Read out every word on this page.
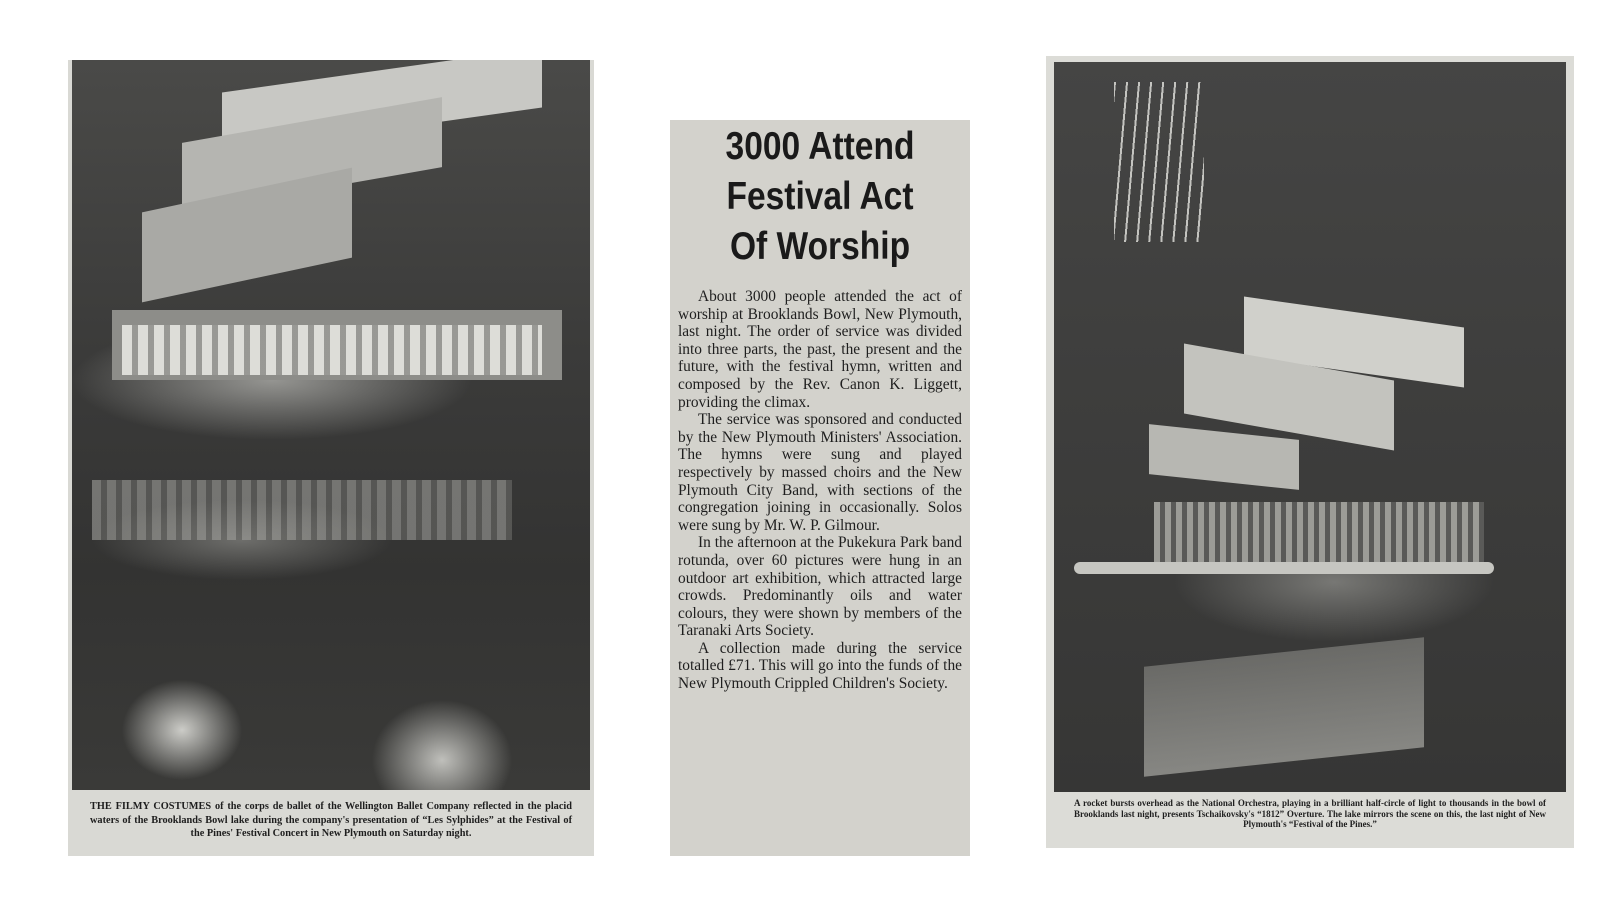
THE FILMY COSTUMES of the corps de ballet of the Wellington Ballet Company reflected in the placid waters of the Brooklands Bowl lake during the company's presentation of “Les Sylphides” at the Festival of the Pines' Festival Concert in New Plymouth on Saturday night.
3000 Attend
Festival Act
Of Worship

About 3000 people attended the act of worship at Brooklands Bowl, New Plymouth, last night. The order of service was divided into three parts, the past, the present and the future, with the festival hymn, written and composed by the Rev. Canon K. Liggett, providing the climax.

The service was sponsored and conducted by the New Plymouth Ministers' Association. The hymns were sung and played respectively by massed choirs and the New Plymouth City Band, with sections of the congregation joining in occasionally. Solos were sung by Mr. W. P. Gilmour.

In the afternoon at the Pukekura Park band rotunda, over 60 pictures were hung in an outdoor art exhibition, which attracted large crowds. Predominantly oils and water colours, they were shown by members of the Taranaki Arts Society.

A collection made during the service totalled £71. This will go into the funds of the New Plymouth Crippled Children's Society.

A rocket bursts overhead as the National Orchestra, playing in a brilliant half-circle of light to thousands in the bowl of Brooklands last night, presents Tschaikovsky's “1812” Overture. The lake mirrors the scene on this, the last night of New Plymouth's “Festival of the Pines.”
